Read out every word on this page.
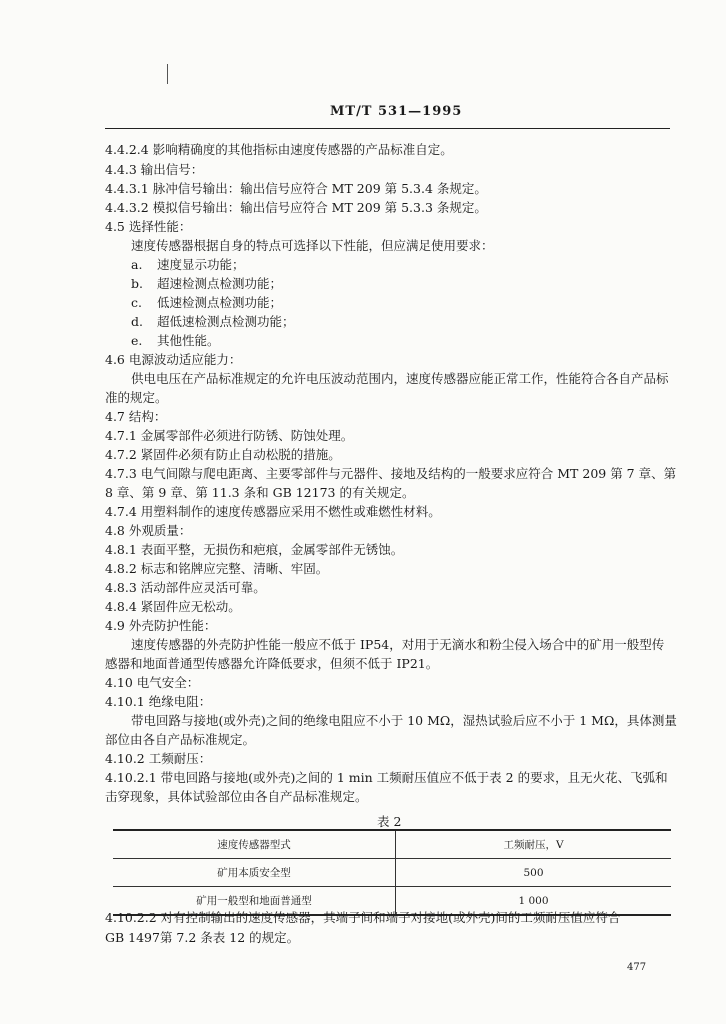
MT/T 531—1995
4.4.2.4 影响精确度的其他指标由速度传感器的产品标准自定。
4.4.3 输出信号：
4.4.3.1 脉冲信号输出：输出信号应符合 MT 209 第 5.3.4 条规定。
4.4.3.2 模拟信号输出：输出信号应符合 MT 209 第 5.3.3 条规定。
4.5 选择性能：
速度传感器根据自身的特点可选择以下性能，但应满足使用要求：
a. 速度显示功能；
b. 超速检测点检测功能；
c. 低速检测点检测功能；
d. 超低速检测点检测功能；
e. 其他性能。
4.6 电源波动适应能力：
供电电压在产品标准规定的允许电压波动范围内，速度传感器应能正常工作，性能符合各自产品标
准的规定。
4.7 结构：
4.7.1 金属零部件必须进行防锈、防蚀处理。
4.7.2 紧固件必须有防止自动松脱的措施。
4.7.3 电气间隙与爬电距离、主要零部件与元器件、接地及结构的一般要求应符合 MT 209 第 7 章、第
8 章、第 9 章、第 11.3 条和 GB 12173 的有关规定。
4.7.4 用塑料制作的速度传感器应采用不燃性或难燃性材料。
4.8 外观质量：
4.8.1 表面平整，无损伤和疤痕，金属零部件无锈蚀。
4.8.2 标志和铭牌应完整、清晰、牢固。
4.8.3 活动部件应灵活可靠。
4.8.4 紧固件应无松动。
4.9 外壳防护性能：
速度传感器的外壳防护性能一般应不低于 IP54，对用于无滴水和粉尘侵入场合中的矿用一般型传
感器和地面普通型传感器允许降低要求，但须不低于 IP21。
4.10 电气安全：
4.10.1 绝缘电阻：
带电回路与接地(或外壳)之间的绝缘电阻应不小于 10 MΩ，湿热试验后应不小于 1 MΩ，具体测量
部位由各自产品标准规定。
4.10.2 工频耐压：
4.10.2.1 带电回路与接地(或外壳)之间的 1 min 工频耐压值应不低于表 2 的要求，且无火花、飞弧和
击穿现象，具体试验部位由各自产品标准规定。
表 2
速度传感器型式	工频耐压，V
矿用本质安全型	500
矿用一般型和地面普通型	1 000
4.10.2.2 对有控制输出的速度传感器，其端子间和端子对接地(或外壳)间的工频耐压值应符合
GB 1497第 7.2 条表 12 的规定。
477
